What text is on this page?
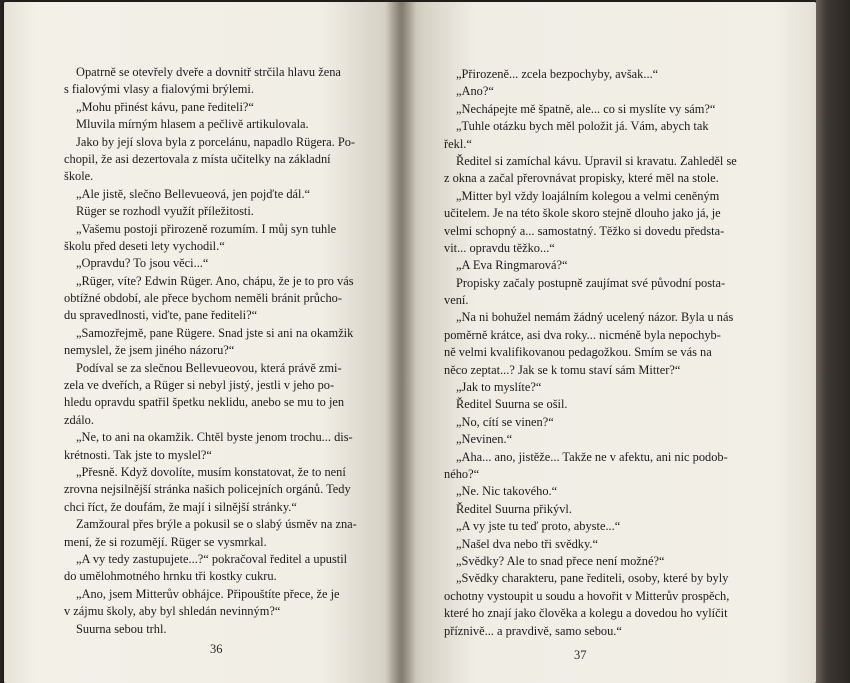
Opatrně se otevřely dveře a dovnitř strčila hlavu žena
s fialovými vlasy a fialovými brýlemi.
„Mohu přinést kávu, pane řediteli?“
Mluvila mírným hlasem a pečlivě artikulovala.
Jako by její slova byla z porcelánu, napadlo Rügera. Po-
chopil, že asi dezertovala z místa učitelky na základní
škole.
„Ale jistě, slečno Bellevueová, jen pojďte dál.“
Rüger se rozhodl využít příležitosti.
„Vašemu postoji přirozeně rozumím. I můj syn tuhle
školu před deseti lety vychodil.“
„Opravdu? To jsou věci...“
„Rüger, víte? Edwin Rüger. Ano, chápu, že je to pro vás
obtížné období, ale přece bychom neměli bránit průcho-
du spravedlnosti, viďte, pane řediteli?“
„Samozřejmě, pane Rügere. Snad jste si ani na okamžik
nemyslel, že jsem jiného názoru?“
Podíval se za slečnou Bellevueovou, která právě zmi-
zela ve dveřích, a Rüger si nebyl jistý, jestli v jeho po-
hledu opravdu spatřil špetku neklidu, anebo se mu to jen
zdálo.
„Ne, to ani na okamžik. Chtěl byste jenom trochu... dis-
krétnosti. Tak jste to myslel?“
„Přesně. Když dovolíte, musím konstatovat, že to není
zrovna nejsilnější stránka našich policejních orgánů. Tedy
chci říct, že doufám, že mají i silnější stránky.“
Zamžoural přes brýle a pokusil se o slabý úsměv na zna-
mení, že si rozumějí. Rüger se vysmrkal.
„A vy tedy zastupujete...?“ pokračoval ředitel a upustil
do umělohmotného hrnku tři kostky cukru.
„Ano, jsem Mitterův obhájce. Připouštíte přece, že je
v zájmu školy, aby byl shledán nevinným?“
Suurna sebou trhl.
36
„Přirozeně... zcela bezpochyby, avšak...“
„Ano?“
„Nechápejte mě špatně, ale... co si myslíte vy sám?“
„Tuhle otázku bych měl položit já. Vám, abych tak
řekl.“
Ředitel si zamíchal kávu. Upravil si kravatu. Zahleděl se
z okna a začal přerovnávat propisky, které měl na stole.
„Mitter byl vždy loajálním kolegou a velmi ceněným
učitelem. Je na této škole skoro stejně dlouho jako já, je
velmi schopný a... samostatný. Těžko si dovedu předsta-
vit... opravdu těžko...“
„A Eva Ringmarová?“
Propisky začaly postupně zaujímat své původní posta-
vení.
„Na ni bohužel nemám žádný ucelený názor. Byla u nás
poměrně krátce, asi dva roky... nicméně byla nepochyb-
ně velmi kvalifikovanou pedagožkou. Smím se vás na
něco zeptat...? Jak se k tomu staví sám Mitter?“
„Jak to myslíte?“
Ředitel Suurna se ošil.
„No, cítí se vinen?“
„Nevinen.“
„Aha... ano, jistěže... Takže ne v afektu, ani nic podob-
ného?“
„Ne. Nic takového.“
Ředitel Suurna přikývl.
„A vy jste tu teď proto, abyste...“
„Našel dva nebo tři svědky.“
„Svědky? Ale to snad přece není možné?“
„Svědky charakteru, pane řediteli, osoby, které by byly
ochotny vystoupit u soudu a hovořit v Mitterův prospěch,
které ho znají jako člověka a kolegu a dovedou ho vylíčit
příznivě... a pravdivě, samo sebou.“
37
